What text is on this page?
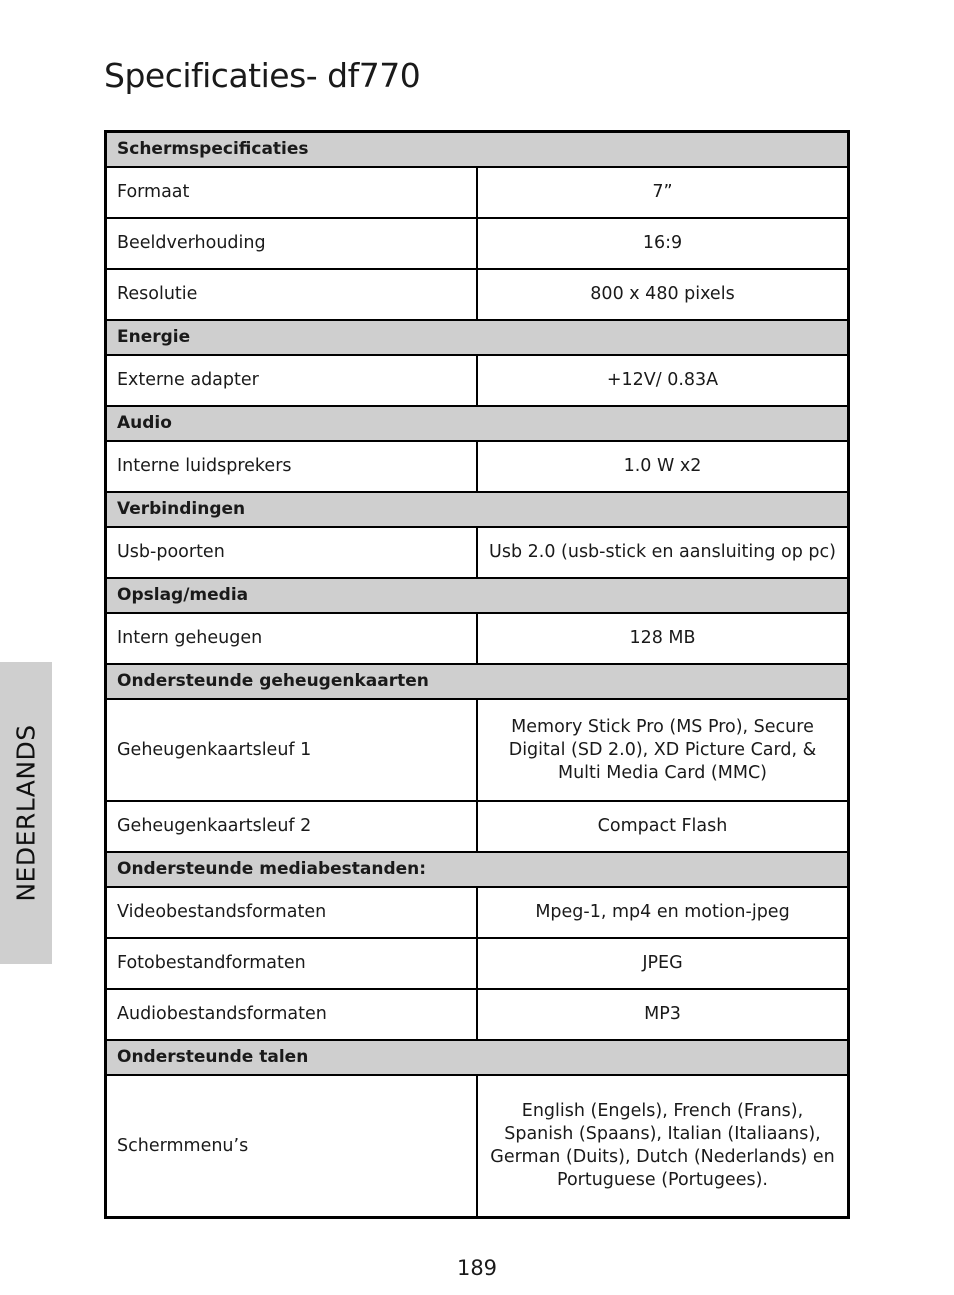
Specificaties- df770
NEDERLANDS
Schermspecificaties	
Formaat	7”
Beeldverhouding	16:9
Resolutie	800 x 480 pixels
Energie	
Externe adapter	+12V/ 0.83A
Audio	
Interne luidsprekers	1.0 W x2
Verbindingen	
Usb-poorten	Usb 2.0 (usb-stick en aansluiting op pc)
Opslag/media	
Intern geheugen	128 MB
Ondersteunde geheugenkaarten	
Geheugenkaartsleuf 1	Memory Stick Pro (MS Pro), Secure Digital (SD 2.0), XD Picture Card, & Multi Media Card (MMC)
Geheugenkaartsleuf 2	Compact Flash
Ondersteunde mediabestanden:	
Videobestandsformaten	Mpeg-1, mp4 en motion-jpeg
Fotobestandformaten	JPEG
Audiobestandsformaten	MP3
Ondersteunde talen	
Schermmenu’s	English (Engels), French (Frans), Spanish (Spaans), Italian (Italiaans), German (Duits), Dutch (Nederlands) en Portuguese (Portugees).
189
